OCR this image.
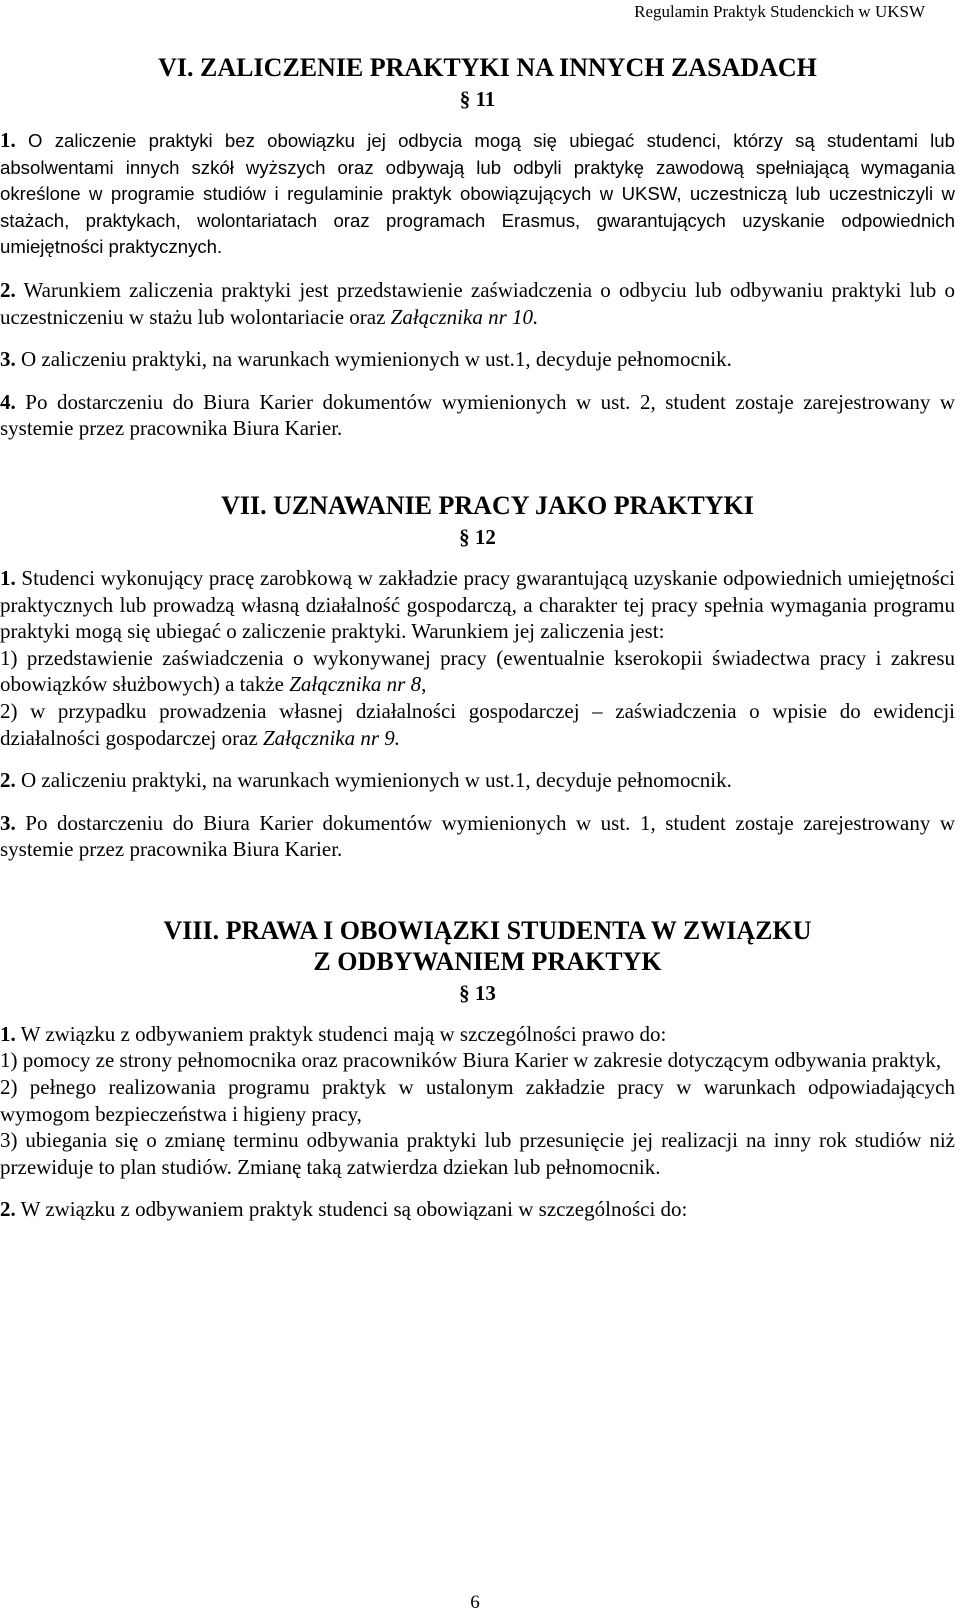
Regulamin Praktyk Studenckich w UKSW
VI. ZALICZENIE PRAKTYKI NA INNYCH ZASADACH
§ 11

1. O zaliczenie praktyki bez obowiązku jej odbycia mogą się ubiegać studenci, którzy są studentami lub absolwentami innych szkół wyższych oraz odbywają lub odbyli praktykę zawodową spełniającą wymagania określone w programie studiów i regulaminie praktyk obowiązujących w UKSW, uczestniczą lub uczestniczyli w stażach, praktykach, wolontariatach oraz programach Erasmus, gwarantujących uzyskanie odpowiednich umiejętności praktycznych.

2. Warunkiem zaliczenia praktyki jest przedstawienie zaświadczenia o odbyciu lub odbywaniu praktyki lub o uczestniczeniu w stażu lub wolontariacie oraz Załącznika nr 10.

3. O zaliczeniu praktyki, na warunkach wymienionych w ust.1, decyduje pełnomocnik.

4. Po dostarczeniu do Biura Karier dokumentów wymienionych w ust. 2, student zostaje zarejestrowany w systemie przez pracownika Biura Karier.

VII. UZNAWANIE PRACY JAKO PRAKTYKI
§ 12
1. Studenci wykonujący pracę zarobkową w zakładzie pracy gwarantującą uzyskanie odpowiednich umiejętności praktycznych lub prowadzą własną działalność gospodarczą, a charakter tej pracy spełnia wymagania programu praktyki mogą się ubiegać o zaliczenie praktyki. Warunkiem jej zaliczenia jest:
1) przedstawienie zaświadczenia o wykonywanej pracy (ewentualnie kserokopii świadectwa pracy i zakresu obowiązków służbowych) a także Załącznika nr 8,
2) w przypadku prowadzenia własnej działalności gospodarczej – zaświadczenia o wpisie do ewidencji działalności gospodarczej oraz Załącznika nr 9.

2. O zaliczeniu praktyki, na warunkach wymienionych w ust.1, decyduje pełnomocnik.

3. Po dostarczeniu do Biura Karier dokumentów wymienionych w ust. 1, student zostaje zarejestrowany w systemie przez pracownika Biura Karier.

VIII. PRAWA I OBOWIĄZKI STUDENTA W ZWIĄZKU
Z ODBYWANIEM PRAKTYK
§ 13
1. W związku z odbywaniem praktyk studenci mają w szczególności prawo do:
1) pomocy ze strony pełnomocnika oraz pracowników Biura Karier w zakresie dotyczącym odbywania praktyk,
2) pełnego realizowania programu praktyk w ustalonym zakładzie pracy w warunkach odpowiadających wymogom bezpieczeństwa i higieny pracy,
3) ubiegania się o zmianę terminu odbywania praktyki lub przesunięcie jej realizacji na inny rok studiów niż przewiduje to plan studiów. Zmianę taką zatwierdza dziekan lub pełnomocnik.

2. W związku z odbywaniem praktyk studenci są obowiązani w szczególności do:

6
